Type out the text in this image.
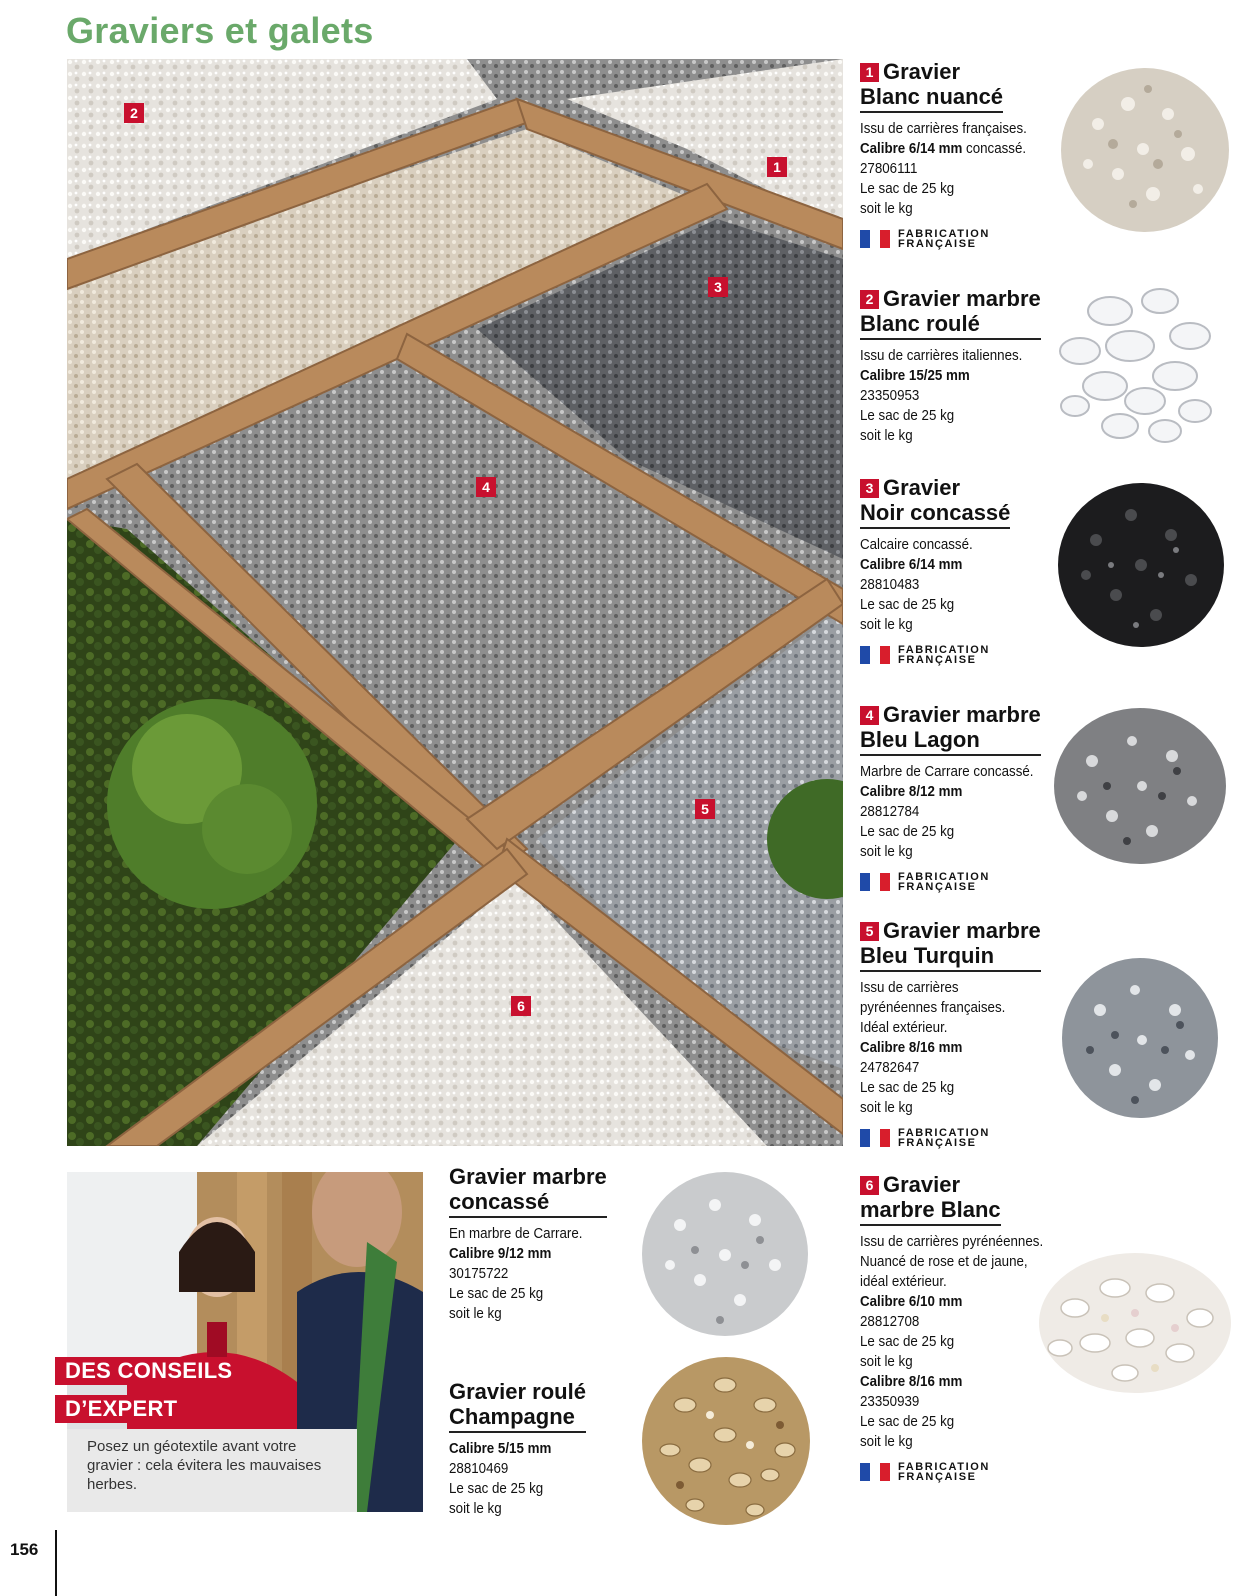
Graviers et galets
2
1
3
4
5
6
1 Gravier
Blanc nuancé
Issu de carrières françaises.
Calibre 6/14 mm concassé.
27806111
Le sac de 25 kg
soit le kg
FABRICATION
FRANÇAISE
2 Gravier marbre
Blanc roulé
Issu de carrières italiennes.
Calibre 15/25 mm
23350953
Le sac de 25 kg
soit le kg
3 Gravier
Noir concassé
Calcaire concassé.
Calibre 6/14 mm
28810483
Le sac de 25 kg
soit le kg
FABRICATION
FRANÇAISE
4 Gravier marbre
Bleu Lagon
Marbre de Carrare concassé.
Calibre 8/12 mm
28812784
Le sac de 25 kg
soit le kg
FABRICATION
FRANÇAISE
5 Gravier marbre
Bleu Turquin
Issu de carrières
pyrénéennes françaises.
Idéal extérieur.
Calibre 8/16 mm
24782647
Le sac de 25 kg
soit le kg
FABRICATION
FRANÇAISE
6 Gravier
marbre Blanc
Issu de carrières pyrénéennes.
Nuancé de rose et de jaune,
idéal extérieur.
Calibre 6/10 mm
28812708
Le sac de 25 kg
soit le kg
Calibre 8/16 mm
23350939
Le sac de 25 kg
soit le kg
FABRICATION
FRANÇAISE
Gravier marbre
concassé
En marbre de Carrare.
Calibre 9/12 mm
30175722
Le sac de 25 kg
soit le kg
Gravier roulé
Champagne
Calibre 5/15 mm
28810469
Le sac de 25 kg
soit le kg
DES CONSEILS
D’EXPERT
Posez un géotextile avant votre gravier : cela évitera les mauvaises herbes.
156
